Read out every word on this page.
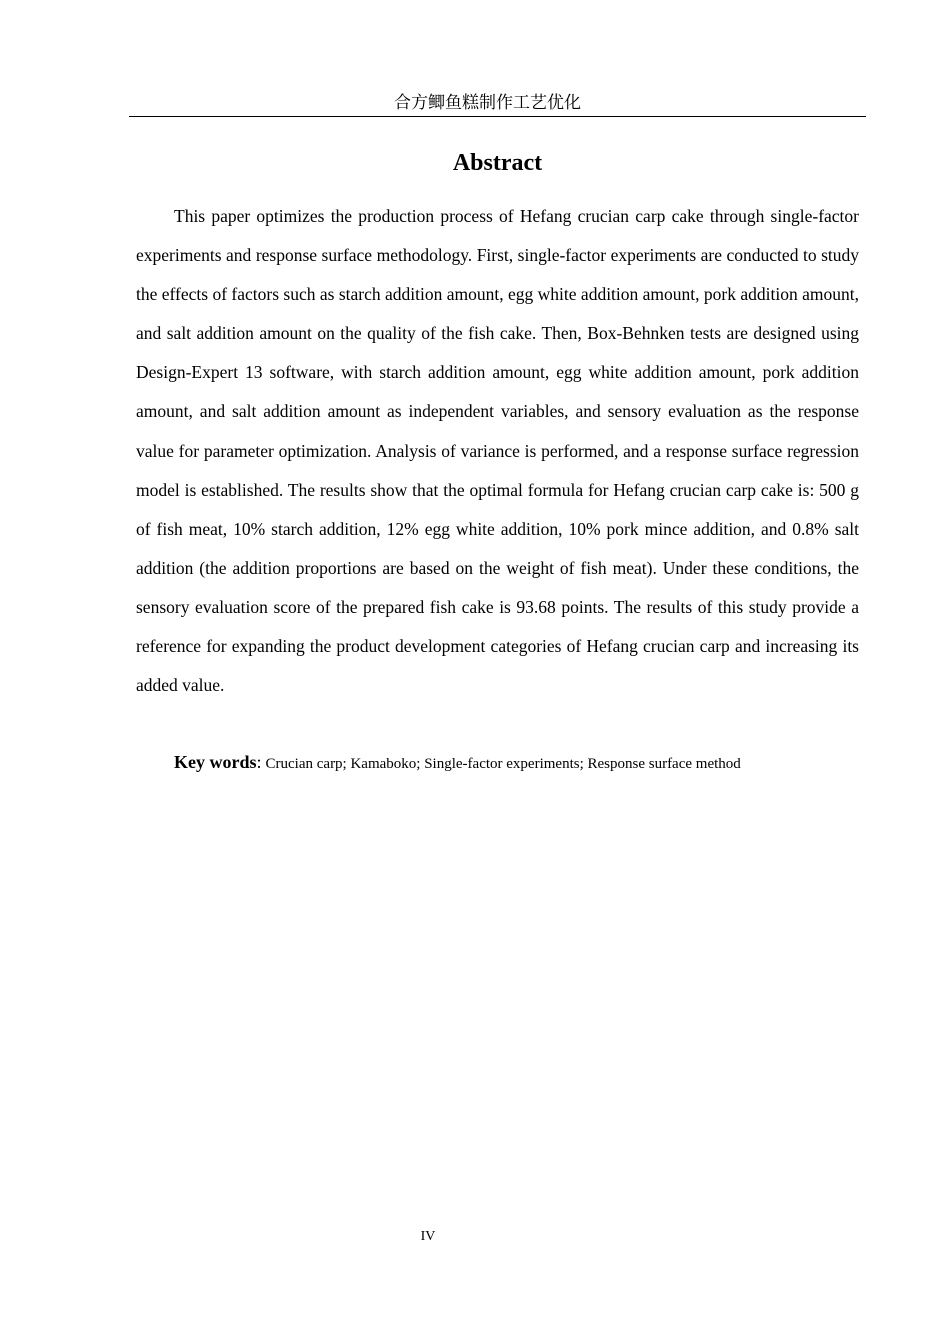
合方鲫鱼糕制作工艺优化
Abstract

This paper optimizes the production process of Hefang crucian carp cake through single-factor experiments and response surface methodology. First, single-factor experiments are conducted to study the effects of factors such as starch addition amount, egg white addition amount, pork addition amount, and salt addition amount on the quality of the fish cake. Then, Box-Behnken tests are designed using Design-Expert 13 software, with starch addition amount, egg white addition amount, pork addition amount, and salt addition amount as independent variables, and sensory evaluation as the response value for parameter optimization. Analysis of variance is performed, and a response surface regression model is established. The results show that the optimal formula for Hefang crucian carp cake is: 500 g of fish meat, 10% starch addition, 12% egg white addition, 10% pork mince addition, and 0.8% salt addition (the addition proportions are based on the weight of fish meat). Under these conditions, the sensory evaluation score of the prepared fish cake is 93.68 points. The results of this study provide a reference for expanding the product development categories of Hefang crucian carp and increasing its added value.

Key words: Crucian carp; Kamaboko; Single-factor experiments; Response surface method

IV
